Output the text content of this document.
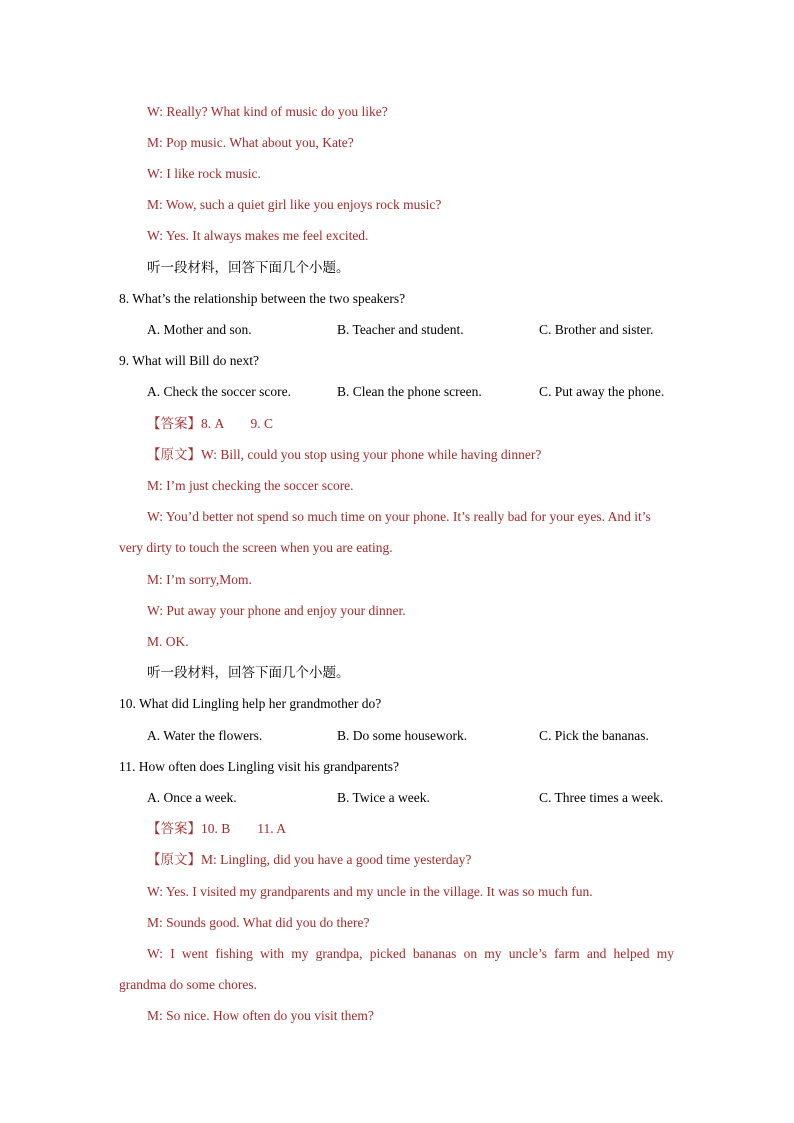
W: Really? What kind of music do you like?
M: Pop music. What about you, Kate?
W: I like rock music.
M: Wow, such a quiet girl like you enjoys rock music?
W: Yes. It always makes me feel excited.
听一段材料，回答下面几个小题。
8. What’s the relationship between the two speakers?
A. Mother and son.	B. Teacher and student.	C. Brother and sister.
9. What will Bill do next?
A. Check the soccer score.	B. Clean the phone screen.	C. Put away the phone.
【答案】8. A        9. C
【原文】W: Bill, could you stop using your phone while having dinner?
M: I’m just checking the soccer score.
W: You’d better not spend so much time on your phone. It’s really bad for your eyes. And it’s
very dirty to touch the screen when you are eating.
M: I’m sorry,Mom.
W: Put away your phone and enjoy your dinner.
M. OK.
听一段材料，回答下面几个小题。
10. What did Lingling help her grandmother do?
A. Water the flowers.	B. Do some housework.	C. Pick the bananas.
11. How often does Lingling visit his grandparents?
A. Once a week.	B. Twice a week.	C. Three times a week.
【答案】10. B        11. A
【原文】M: Lingling, did you have a good time yesterday?
W: Yes. I visited my grandparents and my uncle in the village. It was so much fun.
M: Sounds good. What did you do there?
W: I went fishing with my grandpa, picked bananas on my uncle’s farm and helped my
grandma do some chores.
M: So nice. How often do you visit them?
